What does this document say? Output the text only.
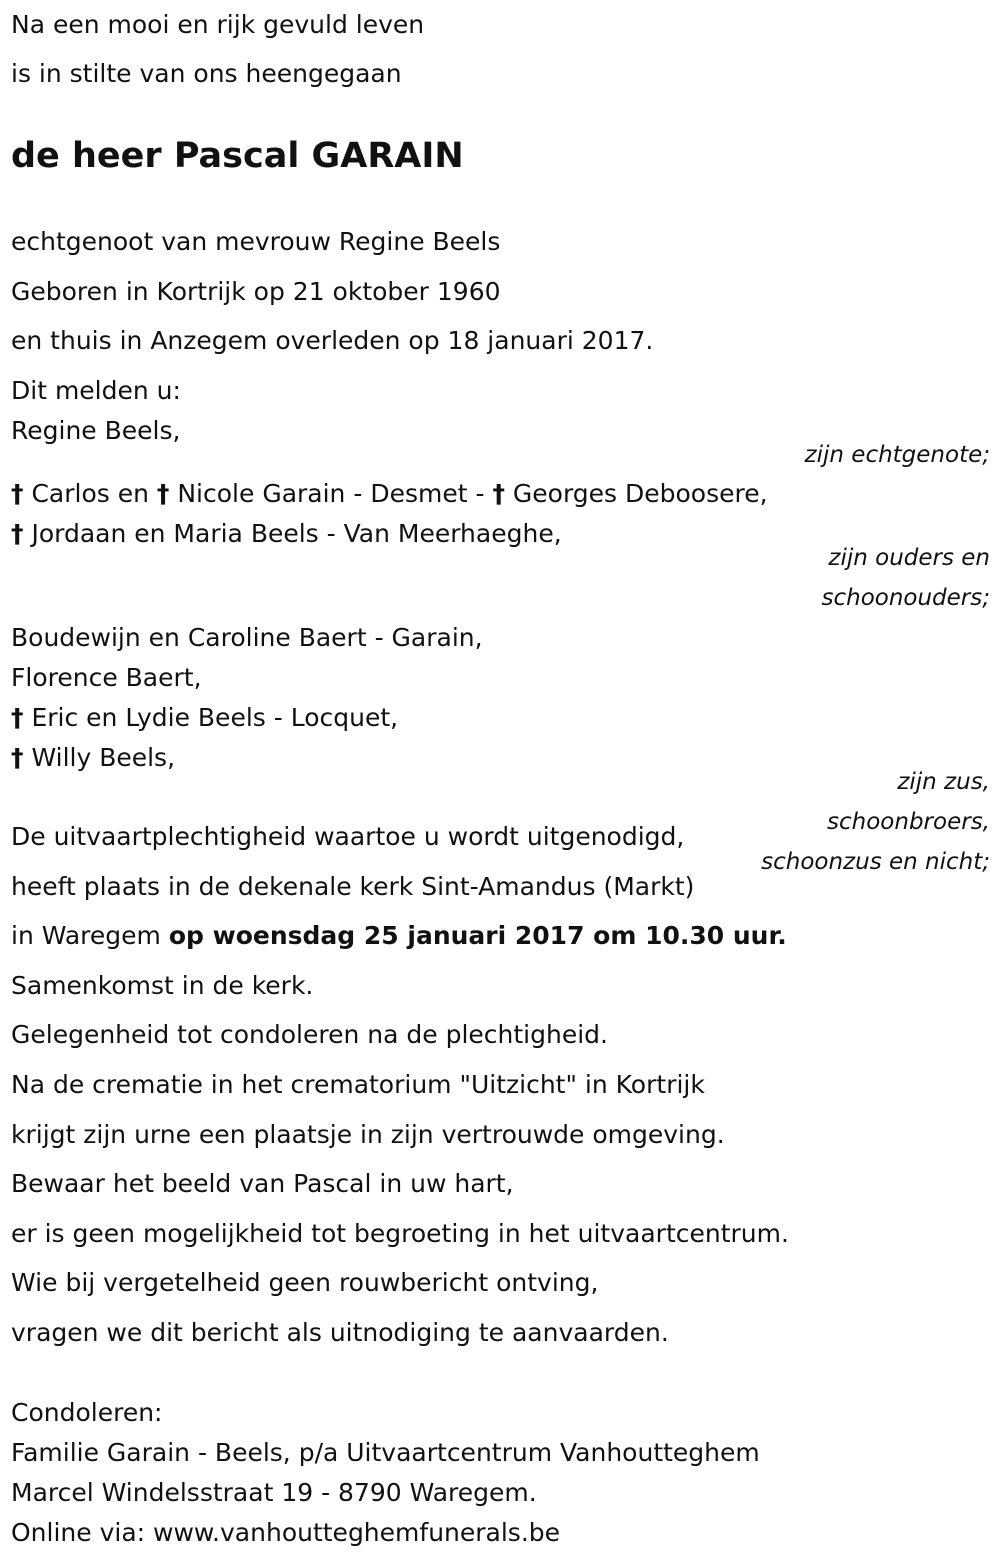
Na een mooi en rijk gevuld leven
is in stilte van ons heengegaan
de heer Pascal GARAIN
echtgenoot van mevrouw Regine Beels
Geboren in Kortrijk op 21 oktober 1960
en thuis in Anzegem overleden op 18 januari 2017.
Dit melden u:
Regine Beels,
zijn echtgenote;
† Carlos en † Nicole Garain - Desmet - † Georges Deboosere,
† Jordaan en Maria Beels - Van Meerhaeghe,
zijn ouders en
schoonouders;
Boudewijn en Caroline Baert - Garain,
Florence Baert,
† Eric en Lydie Beels - Locquet,
† Willy Beels,
zijn zus,
schoonbroers,
schoonzus en nicht;
De uitvaartplechtigheid waartoe u wordt uitgenodigd,
heeft plaats in de dekenale kerk Sint-Amandus (Markt)
in Waregem op woensdag 25 januari 2017 om 10.30 uur.
Samenkomst in de kerk.
Gelegenheid tot condoleren na de plechtigheid.
Na de crematie in het crematorium "Uitzicht" in Kortrijk
krijgt zijn urne een plaatsje in zijn vertrouwde omgeving.
Bewaar het beeld van Pascal in uw hart,
er is geen mogelijkheid tot begroeting in het uitvaartcentrum.
Wie bij vergetelheid geen rouwbericht ontving,
vragen we dit bericht als uitnodiging te aanvaarden.
Condoleren:
Familie Garain - Beels, p/a Uitvaartcentrum Vanhoutteghem
Marcel Windelsstraat 19 - 8790 Waregem.
Online via: www.vanhoutteghemfunerals.be
